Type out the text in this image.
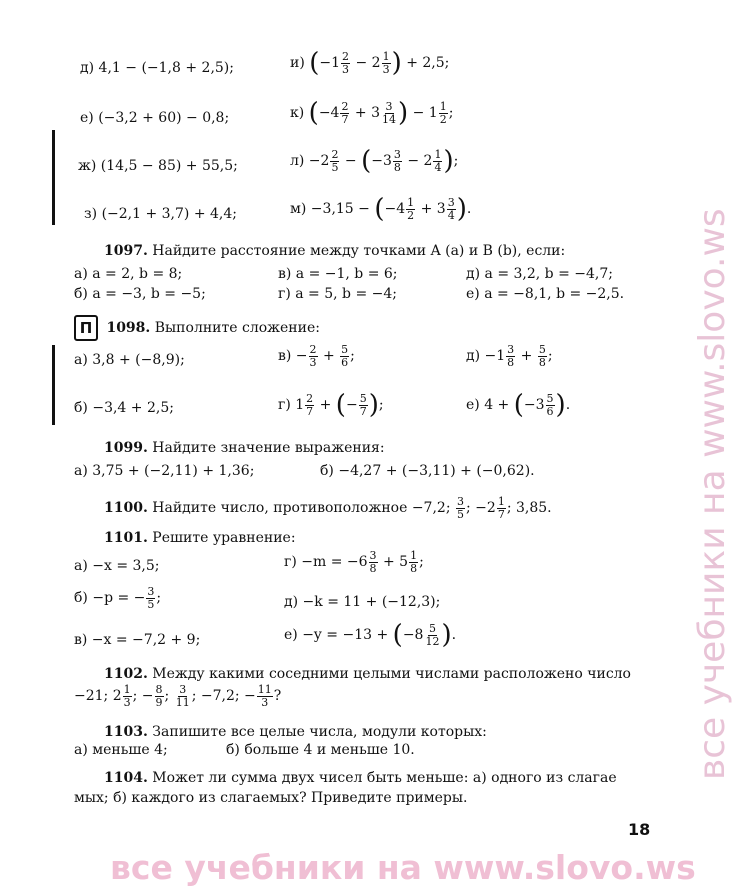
д) 4,1 − (−1,8 + 2,5);	и) ($-1 \frac{2}{3} - 2 \frac{1}{3}$ ) + 2,5;
е) (−3,2 + 60) − 0,8;	к) ($-4 \frac{2}{7} + 3 \frac{3}{14}$ ) − $1 \frac{1}{2}$ ;
ж) (14,5 − 85) + 55,5;	$л) -2 \frac{2}{5} - (-3 \frac{3}{8} - 2 \frac{1}{4}$ );
з) (−2,1 + 3,7) + 4,4;	$м) -3,15 - (-4 \frac{1}{2} + 3 \frac{3}{4}$ ).
1097. Найдите расстояние между точками A (a) и B (b), если:
а) a = 2, b = 8;	в) a = −1, b = 6;	д) a = 3,2, b = −4,7;
б) a = −3, b = −5;	г) a = 5, b = −4;	е) a = −8,1, b = −2,5.
П 1098. Выполните сложение:
а) 3,8 + (−8,9);	$в) - \frac{2}{3} + \frac{5}{6}$ ;	$д) -1 \frac{3}{8} + \frac{5}{8}$ ;
б) −3,4 + 2,5;	г) $1 \frac{2}{7}$ + (− $\frac{5}{7}$ );	е) $4 + (-3 \frac{5}{6}$ ).
1099. Найдите значение выражения:
а) 3,75 + (−2,11) + 1,36;	б) −4,27 + (−3,11) + (−0,62).
1100. Найдите число, противоположное −7,2; $\frac{3}{5}$ ; $-2 \frac{1}{7}$ ; 3,85.
1101. Решите уравнение:
а) −x = 3,5;	$г) -m = -6 \frac{3}{8} + 5 \frac{1}{8}$ ;
б) −p = − $\frac{3}{5}$ ;	д) −k = 11 + (−12,3);
в) −x = −7,2 + 9;	$е) -y = -13 + (-8 \frac{5}{12}$ ).
1102. Между какими соседними целыми числами расположено число
−21; $2 \frac{1}{3}$ ; − $\frac{8}{9}$ ; $\frac{3}{11}$ ; −7,2; − $\frac{11}{3}$ ?
1103. Запишите все целые числа, модули которых:
а) меньше 4;	б) больше 4 и меньше 10.
1104. Может ли сумма двух чисел быть меньше: а) одного из слагае
мых; б) каждого из слагаемых? Приведите примеры.
18
все учебники на www.slovo.ws
все учебники на www.slovo.ws
